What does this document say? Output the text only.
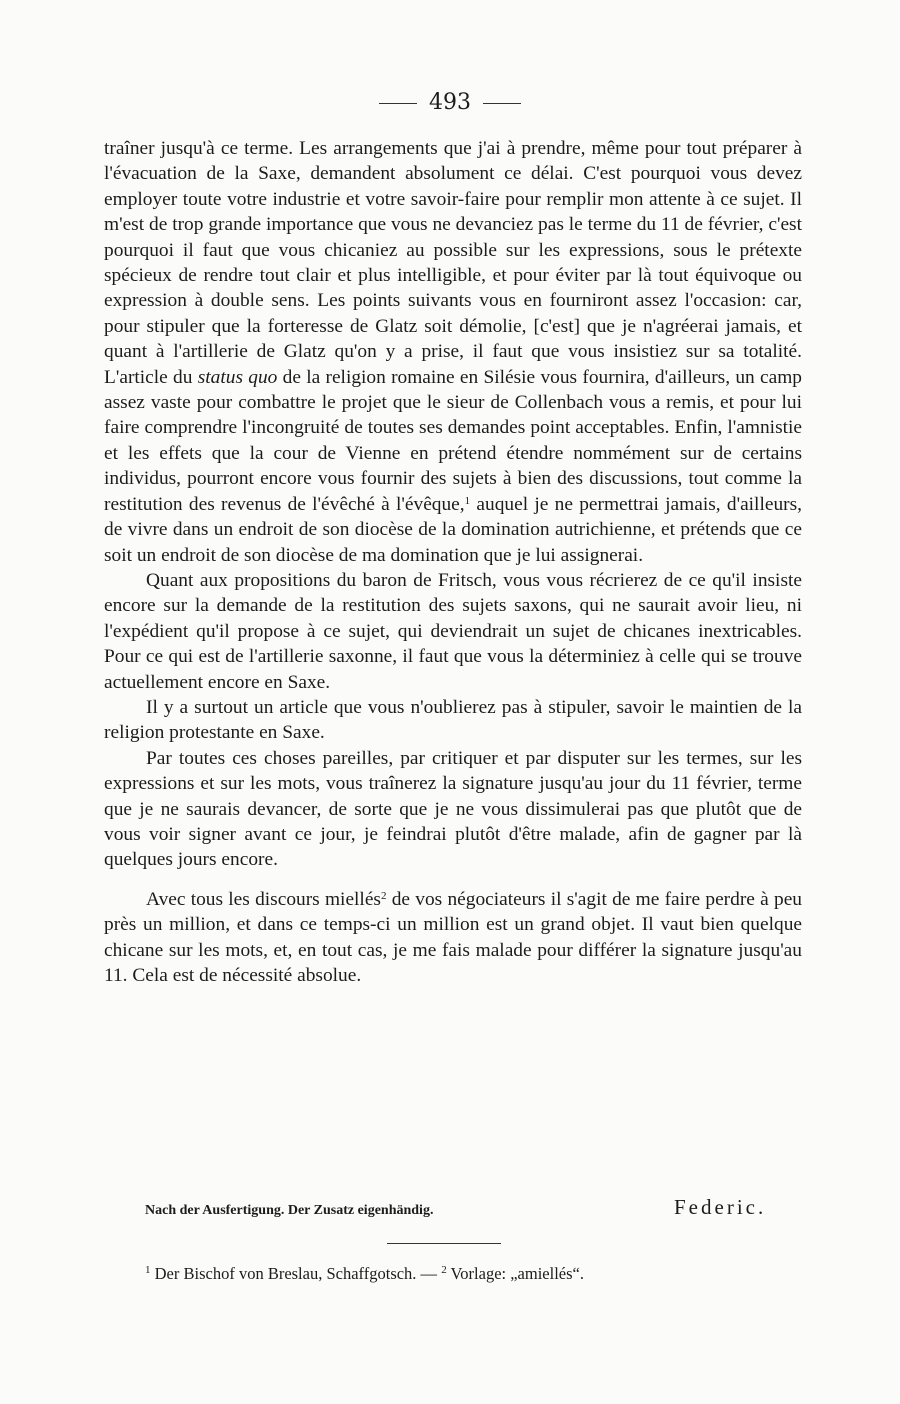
493

traîner jusqu'à ce terme. Les arrangements que j'ai à prendre, même pour tout préparer à l'évacuation de la Saxe, demandent absolument ce délai. C'est pourquoi vous devez employer toute votre industrie et votre savoir-faire pour remplir mon attente à ce sujet. Il m'est de trop grande importance que vous ne devanciez pas le terme du 11 de février, c'est pourquoi il faut que vous chicaniez au possible sur les expressions, sous le prétexte spécieux de rendre tout clair et plus intelligible, et pour éviter par là tout équivoque ou expression à double sens. Les points suivants vous en fourniront assez l'occasion: car, pour stipuler que la forteresse de Glatz soit démolie, [c'est] que je n'agréerai jamais, et quant à l'artillerie de Glatz qu'on y a prise, il faut que vous insistiez sur sa totalité. L'article du status quo de la religion romaine en Silésie vous fournira, d'ailleurs, un camp assez vaste pour combattre le projet que le sieur de Collenbach vous a remis, et pour lui faire comprendre l'incongruité de toutes ses demandes point acceptables. Enfin, l'amnistie et les effets que la cour de Vienne en prétend étendre nommément sur de certains individus, pourront encore vous fournir des sujets à bien des discussions, tout comme la restitution des revenus de l'évêché à l'évêque,$^1$ auquel je ne permettrai jamais, d'ailleurs, de vivre dans un endroit de son diocèse de la domination autrichienne, et prétends que ce soit un endroit de son diocèse de ma domination que je lui assignerai.

Quant aux propositions du baron de Fritsch, vous vous récrierez de ce qu'il insiste encore sur la demande de la restitution des sujets saxons, qui ne saurait avoir lieu, ni l'expédient qu'il propose à ce sujet, qui deviendrait un sujet de chicanes inextricables. Pour ce qui est de l'artillerie saxonne, il faut que vous la déterminiez à celle qui se trouve actuellement encore en Saxe.

Il y a surtout un article que vous n'oublierez pas à stipuler, savoir le maintien de la religion protestante en Saxe.

Par toutes ces choses pareilles, par critiquer et par disputer sur les termes, sur les expressions et sur les mots, vous traînerez la signature jusqu'au jour du 11 février, terme que je ne saurais devancer, de sorte que je ne vous dissimulerai pas que plutôt que de vous voir signer avant ce jour, je feindrai plutôt d'être malade, afin de gagner par là quelques jours encore.

Avec tous les discours miellés$^2$ de vos négociateurs il s'agit de me faire perdre à peu près un million, et dans ce temps-ci un million est un grand objet. Il vaut bien quelque chicane sur les mots, et, en tout cas, je me fais malade pour différer la signature jusqu'au 11. Cela est de nécessité absolue.

Nach der Ausfertigung. Der Zusatz eigenhändig.	Federic.
$^1$ Der Bischof von Breslau, Schaffgotsch. — $^2$ Vorlage: „amiellés“.
